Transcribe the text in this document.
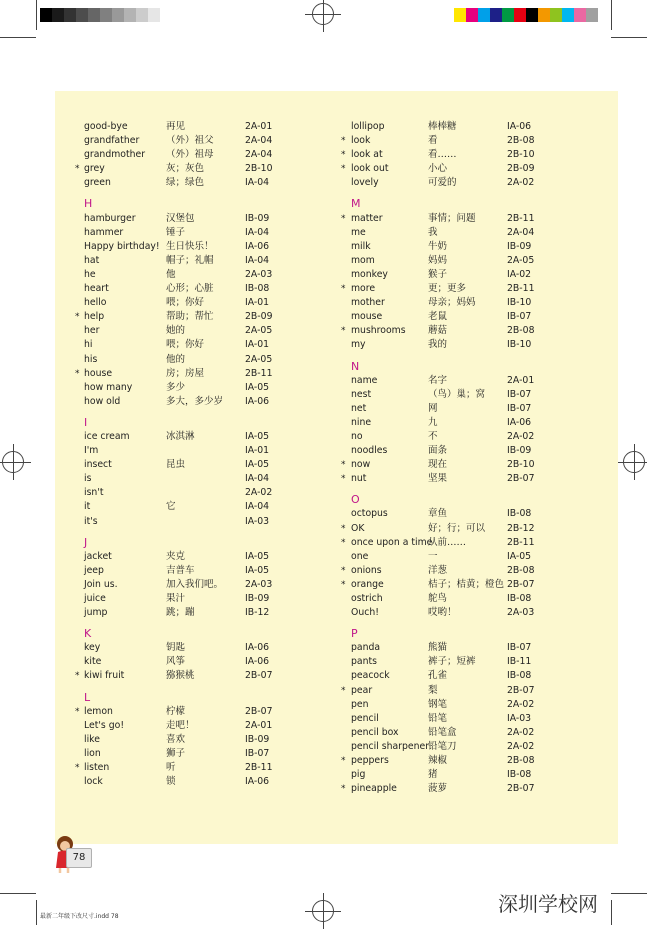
good-bye	再见	2A-01
grandfather	（外）祖父	2A-04
grandmother （外）祖母	2A-04
* grey	灰；灰色	2B-10
green	绿；绿色	IA-04
H
hamburger	汉堡包	IB-09
hammer	锤子	IA-04
Happy birthday! 生日快乐！	IA-06
hat	帽子；礼帽	IA-04
he	他	2A-03
heart	心形；心脏	IB-08
hello	喂；你好	IA-01
* help	帮助；帮忙	2B-09
her	她的	2A-05
hi	喂；你好	IA-01
his	他的	2A-05
* house	房；房屋	2B-11
how many	多少	IA-05
how old	多大，多少岁 IA-06
I
ice cream	冰淇淋	IA-05
I'm	IA-01
insect	昆虫	IA-05
is	IA-04
isn't	2A-02
it	它	IA-04
it's	IA-03
J
jacket	夹克	IA-05
jeep	吉普车	IA-05
Join us.	加入我们吧。 2A-03
juice	果汁	IB-09
jump	跳；蹦	IB-12
K
key	钥匙	IA-06
kite	风筝	IA-06
* kiwi fruit	猕猴桃	2B-07
L
* lemon	柠檬	2B-07
Let's go!	走吧！	2A-01
like	喜欢	IB-09
lion	狮子	IB-07
* listen	听	2B-11
lock	锁	IA-06
lollipop	棒棒糖	IA-06
* look	看	2B-08
* look at	看……	2B-10
* look out	小心	2B-09
lovely	可爱的	2A-02
M
* matter	事情；问题	2B-11
me	我	2A-04
milk	牛奶	IB-09
mom	妈妈	2A-05
monkey	猴子	IA-02
* more	更；更多	2B-11
mother	母亲；妈妈	IB-10
mouse	老鼠	IB-07
* mushrooms 蘑菇	2B-08
my	我的	IB-10
N
name	名字	2A-01
nest	（鸟）巢；窝 IB-07
net	网	IB-07
nine	九	IA-06
no	不	2A-02
noodles	面条	IB-09
* now	现在	2B-10
* nut	坚果	2B-07
O
octopus	章鱼	IB-08
* OK	好；行；可以 2B-12
* once upon a time
从前……	2B-11
one	一	IA-05
* onions	洋葱	2B-08
* orange	桔子；桔黄；橙色 2B-07
ostrich	鸵鸟	IB-08
Ouch!	哎哟！	2A-03
P
panda	熊猫	IB-07
pants	裤子；短裤	IB-11
peacock	孔雀	IB-08
* pear	梨	2B-07
pen	钢笔	2A-02
pencil	铅笔	IA-03
pencil box	铅笔盒	2A-02
pencil sharpener
铅笔刀	2A-02
* peppers	辣椒	2B-08
pig	猪	IB-08
* pineapple	菠萝	2B-07
78
最新二年级下改尺寸.indd 78
深圳学校网
